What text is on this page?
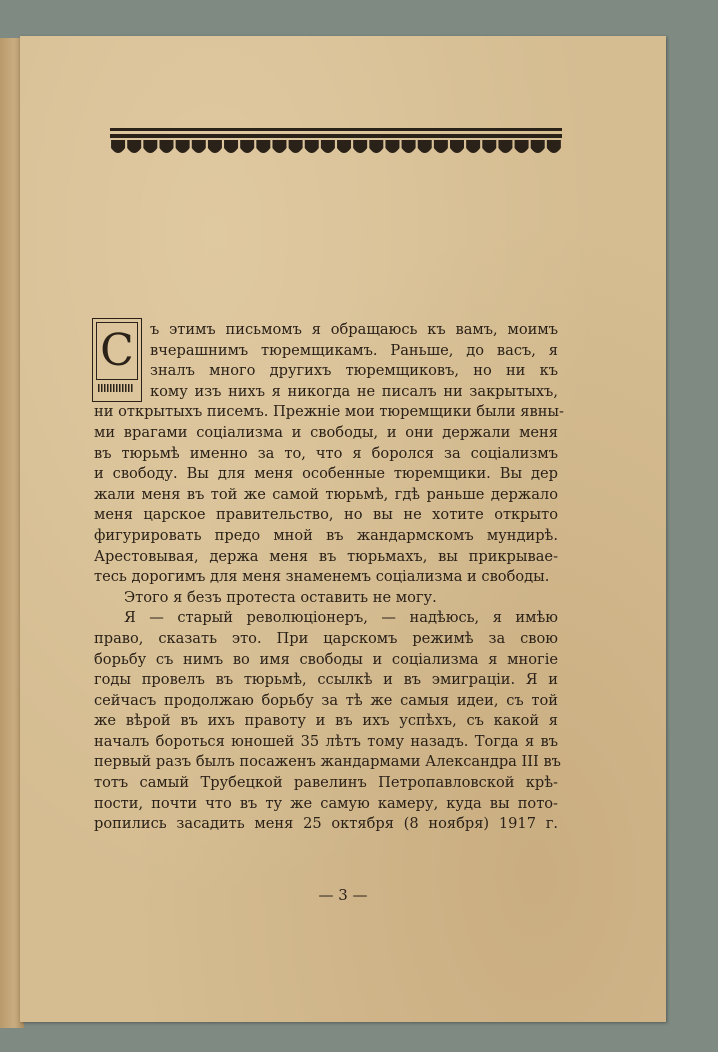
С	ъ этимъ письмомъ я обращаюсь къ вамъ, моимъ
вчерашнимъ тюремщикамъ. Раньше, до васъ, я
зналъ много другихъ тюремщиковъ, но ни къ
кому изъ нихъ я никогда не писалъ ни закрытыхъ,
ни открытыхъ писемъ. Прежніе мои тюремщики были явны-
ми врагами соціализма и свободы, и они держали меня
въ тюрьмѣ именно за то, что я боролся за соціализмъ
и свободу. Вы для меня особенные тюремщики. Вы дер
жали меня въ той же самой тюрьмѣ, гдѣ раньше держало
меня царское правительство, но вы не хотите открыто
фигурировать предо мной въ жандармскомъ мундирѣ.
Арестовывая, держа меня въ тюрьмахъ, вы прикрывае-
тесь дорогимъ для меня знаменемъ соціализма и свободы.
Этого я безъ протеста оставить не могу.
Я — старый революціонеръ, — надѣюсь, я имѣю
право, сказать это. При царскомъ режимѣ за свою
борьбу съ нимъ во имя свободы и соціализма я многіе
годы провелъ въ тюрьмѣ, ссылкѣ и въ эмиграціи. Я и
сейчасъ продолжаю борьбу за тѣ же самыя идеи, съ той
же вѣрой въ ихъ правоту и въ ихъ успѣхъ, съ какой я
началъ бороться юношей 35 лѣтъ тому назадъ. Тогда я въ
первый разъ былъ посаженъ жандармами Александра III въ
тотъ самый Трубецкой равелинъ Петропавловской крѣ-
пости, почти что въ ту же самую камеру, куда вы пото-
ропились засадить меня 25 октября (8 ноября) 1917 г.
— 3 —
